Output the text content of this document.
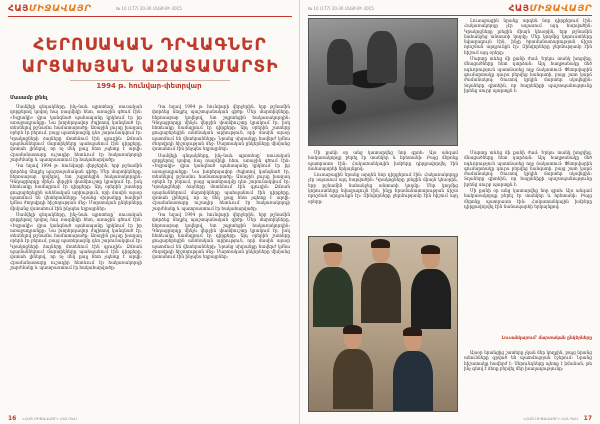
ՀԱՅՄԻՋԱՎԱՅՐ	№ 10 (177) 20-30 ՄԱՅԻՍԻ 2015
ՀԵՐՈՍԱԿԱՆ ԴՐՎԱԳՆԵՐ
ԱՐՑԱԽՅԱՆ ԱԶԱՏԱՄԱՐՏԻ
1994 թ. հունվար-փետրվար
Մասամբ լինել

Սամվելի գնդակները, ինչ-նաև պրոտեսը՝ ռուսական զորքերով կռվող հայ ռազմիկի հետ, առաջին գծում էին։ «Եզրակի» վրա կանգնած պահապանը կրկնում էր իր առաջադրանքը։ Նա խորհրդավոր ժպիտով կանգնած էր, տեսնելով թշնամու համատարածը։ Առաջին լույսը խաղաղ օրերն էր բերում, բայց պատերազմը դեռ շարունակվում էր։ Կրակոցների ձայները մոտենում էին գյուղին։ Ձմռան պայմաններում մարտիկները պահպանում էին դիրքերը, վստահ լինելով, որ ոչ մեկ քայլ հետ չպետք է արվի։ Հրամանատարը ուշադիր հետևում էր հակառակորդի շարժմանը և պատրաստում էր հակահարվածը։

Դա եղավ 1994 թ. հունվարի վերջերին, երբ թշնամին փորձեց ճեղքել պաշտպանական գիծը։ Մեր մարտիկները, հերոսաբար կռվելով, ետ շպրտեցին հակառակորդին։ Գնդացրորդը մինչև վերջին փամփուշտը կրակում էր, իսկ հետևակը համալրում էր դիրքերը։ Այդ օրերին շատերը ցուցաբերեցին անձնական արիություն, որի մասին այսօր պատմում են վետերանները։ Նրանց սխրանքը հավերժ կմնա ժողովրդի հիշողության մեջ։ Մարտական ընկերները միմյանց վստահում էին ինչպես եղբայրներ։

Սամվելի գնդակները, ինչ-նաև պրոտեսը՝ ռուսական զորքերով կռվող հայ ռազմիկի հետ, առաջին գծում էին։ «Եզրակի» վրա կանգնած պահապանը կրկնում էր իր առաջադրանքը։ Նա խորհրդավոր ժպիտով կանգնած էր, տեսնելով թշնամու համատարածը։ Առաջին լույսը խաղաղ օրերն էր բերում, բայց պատերազմը դեռ շարունակվում էր։ Կրակոցների ձայները մոտենում էին գյուղին։ Ձմռան պայմաններում մարտիկները պահպանում էին դիրքերը, վստահ լինելով, որ ոչ մեկ քայլ հետ չպետք է արվի։ Հրամանատարը ուշադիր հետևում էր հակառակորդի շարժմանը և պատրաստում էր հակահարվածը։

Դա եղավ 1994 թ. հունվարի վերջերին, երբ թշնամին փորձեց ճեղքել պաշտպանական գիծը։ Մեր մարտիկները, հերոսաբար կռվելով, ետ շպրտեցին հակառակորդին։ Գնդացրորդը մինչև վերջին փամփուշտը կրակում էր, իսկ հետևակը համալրում էր դիրքերը։ Այդ օրերին շատերը ցուցաբերեցին անձնական արիություն, որի մասին այսօր պատմում են վետերանները։ Նրանց սխրանքը հավերժ կմնա ժողովրդի հիշողության մեջ։ Մարտական ընկերները միմյանց վստահում էին ինչպես եղբայրներ։

Սամվելի գնդակները, ինչ-նաև պրոտեսը՝ ռուսական զորքերով կռվող հայ ռազմիկի հետ, առաջին գծում էին։ «Եզրակի» վրա կանգնած պահապանը կրկնում էր իր առաջադրանքը։ Նա խորհրդավոր ժպիտով կանգնած էր, տեսնելով թշնամու համատարածը։ Առաջին լույսը խաղաղ օրերն էր բերում, բայց պատերազմը դեռ շարունակվում էր։ Կրակոցների ձայները մոտենում էին գյուղին։ Ձմռան պայմաններում մարտիկները պահպանում էին դիրքերը, վստահ լինելով, որ ոչ մեկ քայլ հետ չպետք է արվի։ Հրամանատարը ուշադիր հետևում էր հակառակորդի շարժմանը և պատրաստում էր հակահարվածը։

Դա եղավ 1994 թ. հունվարի վերջերին, երբ թշնամին փորձեց ճեղքել պաշտպանական գիծը։ Մեր մարտիկները, հերոսաբար կռվելով, ետ շպրտեցին հակառակորդին։ Գնդացրորդը մինչև վերջին փամփուշտը կրակում էր, իսկ հետևակը համալրում էր դիրքերը։ Այդ օրերին շատերը ցուցաբերեցին անձնական արիություն, որի մասին այսօր պատմում են վետերանները։ Նրանց սխրանքը հավերժ կմնա ժողովրդի հիշողության մեջ։ Մարտական ընկերները միմյանց վստահում էին ինչպես եղբայրներ։

16 «ՀԱՅ ՄԻՋԱՎԱՅՐ» ՀԱՆԴԵՍ
№ 10 (177) 20-30 ՄԱՅԻՍԻ 2015	ՀԱՅՄԻՋԱՎԱՅՐ

Լուսաբացին նրանք արդեն նոր դիրքերում էին։ Հակառակորդը չէր սպասում այդ հարվածին։ Կրակոցները լռեցին միայն կեսօրին, երբ թշնամին նահանջեց անտառի կողմը։ Մեր կողմից կորուստները նվազագույն էին, ինչը հրամանատարության ճիշտ որոշման արդյունքն էր։ Զինվորները ջերմությամբ էին հիշում այդ օրերը։

Մարտը տևեց մի քանի ժամ։ Երկու տանկ խոցվեց, մնացածները հետ դարձան։ Այդ հաղթանակը մեծ ոգևորություն պատճառեց ողջ ճակատում։ Փետրվարին գումարտակը դուրս բերվեց հանգստի, բայց շատ կարճ ժամանակով։ Շուտով կրկին մարտեր սկսվեցին։ Տղաները գիտեին, որ հայրենիքի պաշտպանությունը իրենց սուրբ պարտքն է։

Մի քանի օր անց կատարվեց նոր գրոհ։ Այս անգամ հակառակորդը բերել էր տանկեր և հրետանի։ Բայց մերոնք պատրաստ էին։ Հակատանկային խմբերը դիրքավորվել էին ճանապարհի երկայնքով։

Լուսաբացին նրանք արդեն նոր դիրքերում էին։ Հակառակորդը չէր սպասում այդ հարվածին։ Կրակոցները լռեցին միայն կեսօրին, երբ թշնամին նահանջեց անտառի կողմը։ Մեր կողմից կորուստները նվազագույն էին, ինչը հրամանատարության ճիշտ որոշման արդյունքն էր։ Զինվորները ջերմությամբ էին հիշում այդ օրերը։

Մարտը տևեց մի քանի ժամ։ Երկու տանկ խոցվեց, մնացածները հետ դարձան։ Այդ հաղթանակը մեծ ոգևորություն պատճառեց ողջ ճակատում։ Փետրվարին գումարտակը դուրս բերվեց հանգստի, բայց շատ կարճ ժամանակով։ Շուտով կրկին մարտեր սկսվեցին։ Տղաները գիտեին, որ հայրենիքի պաշտպանությունը իրենց սուրբ պարտքն է։

Մի քանի օր անց կատարվեց նոր գրոհ։ Այս անգամ հակառակորդը բերել էր տանկեր և հրետանի։ Բայց մերոնք պատրաստ էին։ Հակատանկային խմբերը դիրքավորվել էին ճանապարհի երկայնքով։

Լուսանկարում՝ մարտական ընկերները

Այսօր նրանցից շատերը չկան մեր կողքին, բայց նրանց անունները գրված են պատմության էջերում։ Նրանց հիշատակը հավերժ է։ Սերունդները պետք է իմանան, թե ինչ գնով է ձեռք բերվել մեր խաղաղությունը։

«ՀԱՅ ՄԻՋԱՎԱՅՐ» ՀԱՆԴԵՍ 17
